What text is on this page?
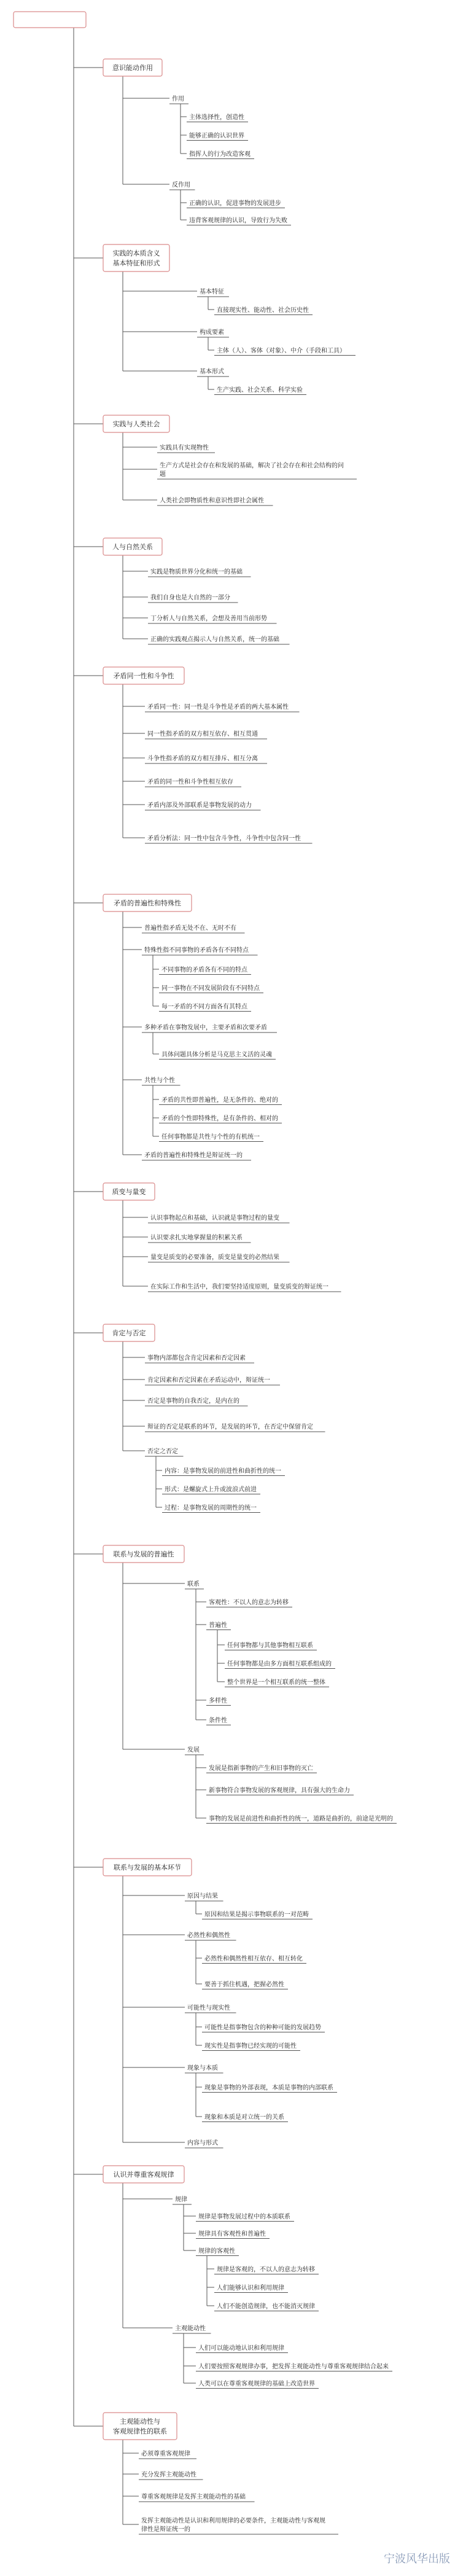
唯物论和辩证法
意识能动作用
作用
主体选择性，创造性
能够正确的认识世界
指挥人的行为改造客观
反作用
正确的认识，促进事物的发展进步
违背客观规律的认识，导致行为失败
实践的本质含义
基本特征和形式
基本特征
直接现实性、能动性、社会历史性
构成要素
主体（人）、客体（对象）、中介（手段和工具）
基本形式
生产实践、社会关系、科学实验
实践与人类社会
实践具有实现物性
生产方式是社会存在和发展的基础，解决了社会存在和社会结构的问
题
人类社会即物质性和意识性即社会属性
人与自然关系
实践是物质世界分化和统一的基础
我们自身也是大自然的一部分
丁分析人与自然关系，会想及善用当前形势
正确的实践观点揭示人与自然关系，统一的基础
矛盾同一性和斗争性
矛盾同一性：同一性是斗争性是矛盾的两大基本属性
同一性指矛盾的双方相互依存、相互贯通
斗争性指矛盾的双方相互排斥、相互分离
矛盾的同一性和斗争性相互依存
矛盾内部及外部联系是事物发展的动力
矛盾分析法：同一性中包含斗争性，斗争性中包含同一性
矛盾的普遍性和特殊性
普遍性指矛盾无处不在、无时不有
特殊性指不同事物的矛盾各有不同特点
不同事物的矛盾各有不同的特点
同一事物在不同发展阶段有不同特点
每一矛盾的不同方面各有其特点
多种矛盾在事物发展中，主要矛盾和次要矛盾
具体问题具体分析是马克思主义活的灵魂
共性与个性
矛盾的共性即普遍性，是无条件的、绝对的
矛盾的个性即特殊性，是有条件的、相对的
任何事物都是共性与个性的有机统一
矛盾的普遍性和特殊性是辩证统一的
质变与量变
认识事物起点和基础，认识就是事物过程的量变
认识要求扎实地掌握量的积累关系
量变是质变的必要准备，质变是量变的必然结果
在实际工作和生活中，我们要坚持适度原则，量变质变的辩证统一
肯定与否定
事物内部都包含肯定因素和否定因素
肯定因素和否定因素在矛盾运动中，辩证统一
否定是事物的自我否定，是内在的
辩证的否定是联系的环节，是发展的环节，在否定中保留肯定
否定之否定
内容：是事物发展的前进性和曲折性的统一
形式：是螺旋式上升或波浪式前进
过程：是事物发展的周期性的统一
联系与发展的普遍性
联系
客观性：不以人的意志为转移
普遍性
任何事物都与其他事物相互联系
任何事物都是由多方面相互联系组成的
整个世界是一个相互联系的统一整体
多样性
条件性
发展
发展是指新事物的产生和旧事物的灭亡
新事物符合事物发展的客观规律，具有强大的生命力
事物的发展是前进性和曲折性的统一，道路是曲折的，前途是光明的
联系与发展的基本环节
原因与结果
原因和结果是揭示事物联系的一对范畴
必然性和偶然性
必然性和偶然性相互依存、相互转化
要善于抓住机遇，把握必然性
可能性与现实性
可能性是指事物包含的种种可能的发展趋势
现实性是指事物已经实现的可能性
现象与本质
现象是事物的外部表现，本质是事物的内部联系
现象和本质是对立统一的关系
内容与形式
认识并尊重客观规律
规律
规律是事物发展过程中的本质联系
规律具有客观性和普遍性
规律的客观性
规律是客观的，不以人的意志为转移
人们能够认识和利用规律
人们不能创造规律，也不能消灭规律
主观能动性
人们可以能动地认识和利用规律
人们要按照客观规律办事，把发挥主观能动性与尊重客观规律结合起来
人类可以在尊重客观规律的基础上改造世界
主观能动性与
客观规律性的联系
必须尊重客观规律
充分发挥主观能动性
尊重客观规律是发挥主观能动性的基础
发挥主观能动性是认识和利用规律的必要条件，主观能动性与客观规
律性是辩证统一的
宁波风华出版
